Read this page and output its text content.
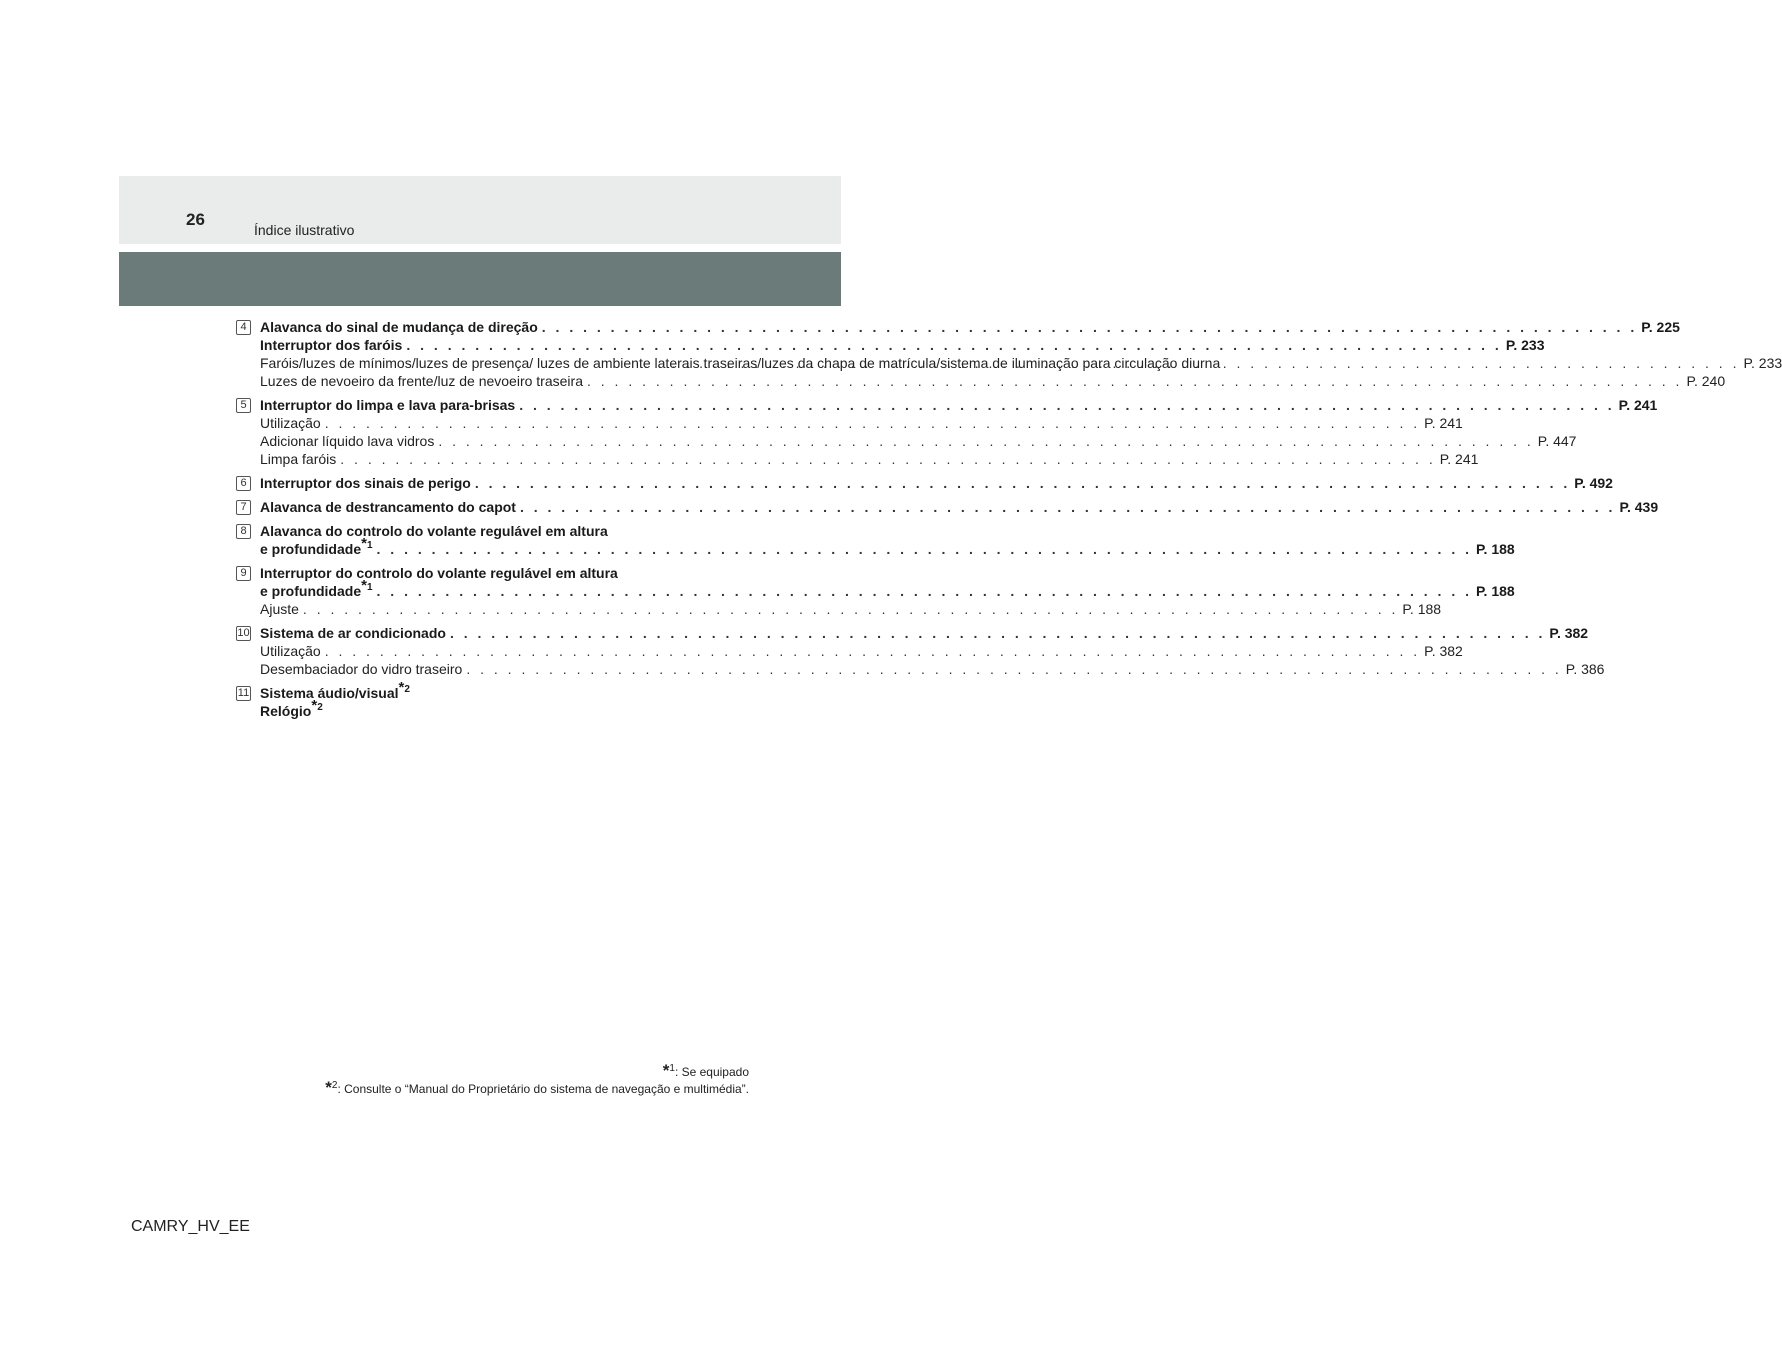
26
Índice ilustrativo
4 Alavanca do sinal de mudança de direção . . .	P. 225
Interruptor dos faróis . . .	P. 233
Faróis/luzes de mínimos/luzes de presença/ luzes de ambiente laterais traseiras/luzes da chapa de matrícula/sistema de iluminação para circulação diurna . . .	P. 233
Luzes de nevoeiro da frente/luz de nevoeiro traseira . . .	P. 240
5 Interruptor do limpa e lava para-brisas . . .	P. 241
Utilização . . .	P. 241
Adicionar líquido lava vidros . . .	P. 447
Limpa faróis . . .	P. 241
6 Interruptor dos sinais de perigo . . .	P. 492
7 Alavanca de destrancamento do capot . . .	P. 439
8 Alavanca do controlo do volante regulável em altura
e profundidade$^{*1}$ . . .	P. 188
9 Interruptor do controlo do volante regulável em altura
e profundidade$^{*1}$ . . .	P. 188
Ajuste . . .	P. 188
10 Sistema de ar condicionado . . .	P. 382
Utilização . . .	P. 382
Desembaciador do vidro traseiro . . .	P. 386
11 Sistema áudio/visual$^{*2}$
Relógio$^{*2}$
*$^1$: Se equipado
*$^2$: Consulte o “Manual do Proprietário do sistema de navegação e multimédia”.
CAMRY_HV_EE
